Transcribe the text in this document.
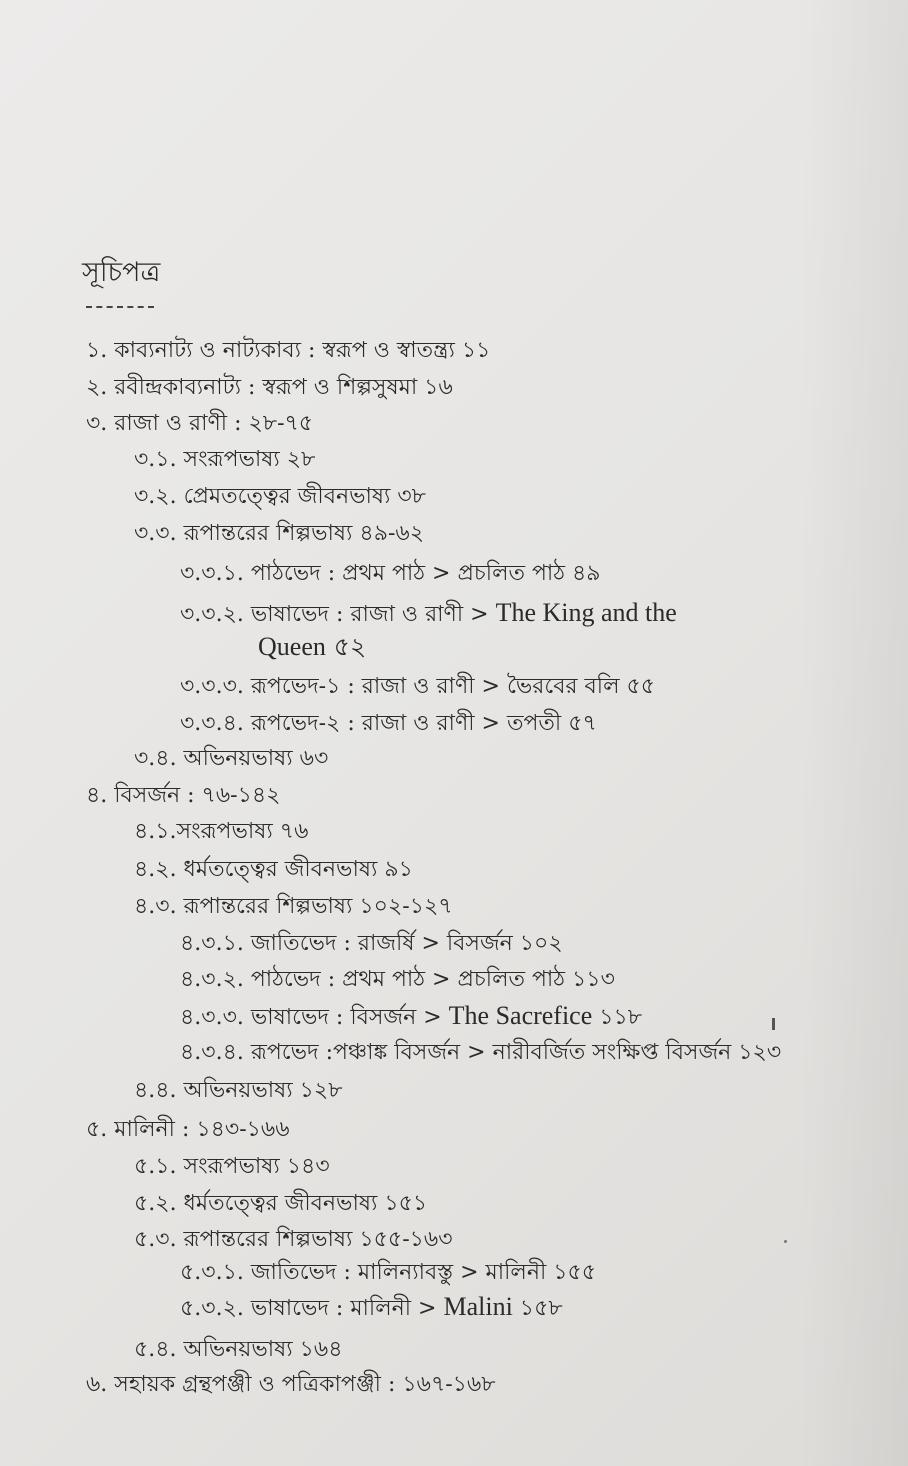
সূচিপত্র
১. কাব্যনাট্য ও নাট্যকাব্য : স্বরূপ ও স্বাতন্ত্র্য ১১
২. রবীন্দ্রকাব্যনাট্য : স্বরূপ ও শিল্পসুষমা ১৬
৩. রাজা ও রাণী : ২৮-৭৫
৩.১. সংরূপভাষ্য ২৮
৩.২. প্রেমতত্ত্বের জীবনভাষ্য ৩৮
৩.৩. রূপান্তরের শিল্পভাষ্য ৪৯-৬২
৩.৩.১. পাঠভেদ : প্রথম পাঠ > প্রচলিত পাঠ ৪৯
৩.৩.২. ভাষাভেদ : রাজা ও রাণী > The King and the
Queen ৫২
৩.৩.৩. রূপভেদ-১ : রাজা ও রাণী > ভৈরবের বলি ৫৫
৩.৩.৪. রূপভেদ-২ : রাজা ও রাণী > তপতী ৫৭
৩.৪. অভিনয়ভাষ্য ৬৩
৪. বিসর্জন : ৭৬-১৪২
৪.১.সংরূপভাষ্য ৭৬
৪.২. ধর্মতত্ত্বের জীবনভাষ্য ৯১
৪.৩. রূপান্তরের শিল্পভাষ্য ১০২-১২৭
৪.৩.১. জাতিভেদ : রাজর্ষি > বিসর্জন ১০২
৪.৩.২. পাঠভেদ : প্রথম পাঠ > প্রচলিত পাঠ ১১৩
৪.৩.৩. ভাষাভেদ : বিসর্জন > The Sacrefice ১১৮
৪.৩.৪. রূপভেদ :পঞ্চাঙ্ক বিসর্জন > নারীবর্জিত সংক্ষিপ্ত বিসর্জন ১২৩
৪.৪. অভিনয়ভাষ্য ১২৮
৫. মালিনী : ১৪৩-১৬৬
৫.১. সংরূপভাষ্য ১৪৩
৫.২. ধর্মতত্ত্বের জীবনভাষ্য ১৫১
৫.৩. রূপান্তরের শিল্পভাষ্য ১৫৫-১৬৩
৫.৩.১. জাতিভেদ : মালিন্যাবস্তু > মালিনী ১৫৫
৫.৩.২. ভাষাভেদ : মালিনী > Malini ১৫৮
৫.৪. অভিনয়ভাষ্য ১৬৪
৬. সহায়ক গ্রন্থপঞ্জী ও পত্রিকাপঞ্জী : ১৬৭-১৬৮
